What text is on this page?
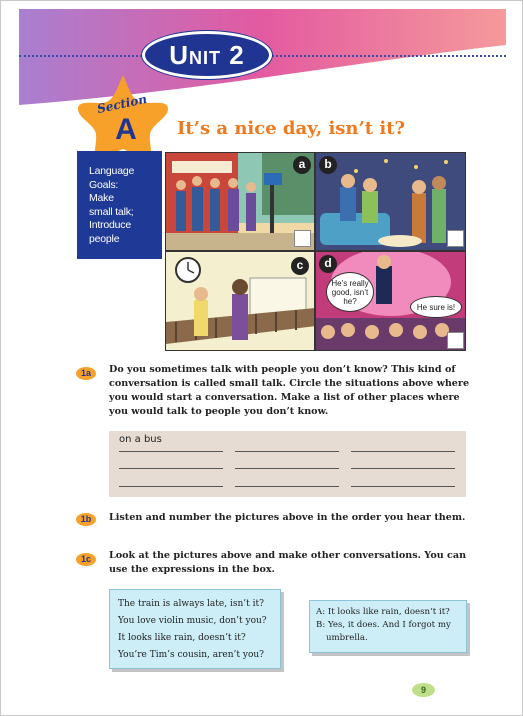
Unit 2
Section
A	It’s a nice day, isn’t it?
Language
Goals:
Make
small talk;
Introduce
people
a	b
c	d
He’s really good, isn’t he?
He sure is!
1a	Do you sometimes talk with people you don’t know? This kind of conversation is called small talk. Circle the situations above where you would start a conversation. Make a list of other places where you would talk to people you don’t know.
on a bus
1b	Listen and number the pictures above in the order you hear them.
1c	Look at the pictures above and make other conversations. You can use the expressions in the box.
The train is always late, isn’t it?
You love violin music, don’t you?
It looks like rain, doesn’t it?
You’re Tim’s cousin, aren’t you?
A: It looks like rain, doesn’t it?
B: Yes, it does. And I forgot my
umbrella.
9
